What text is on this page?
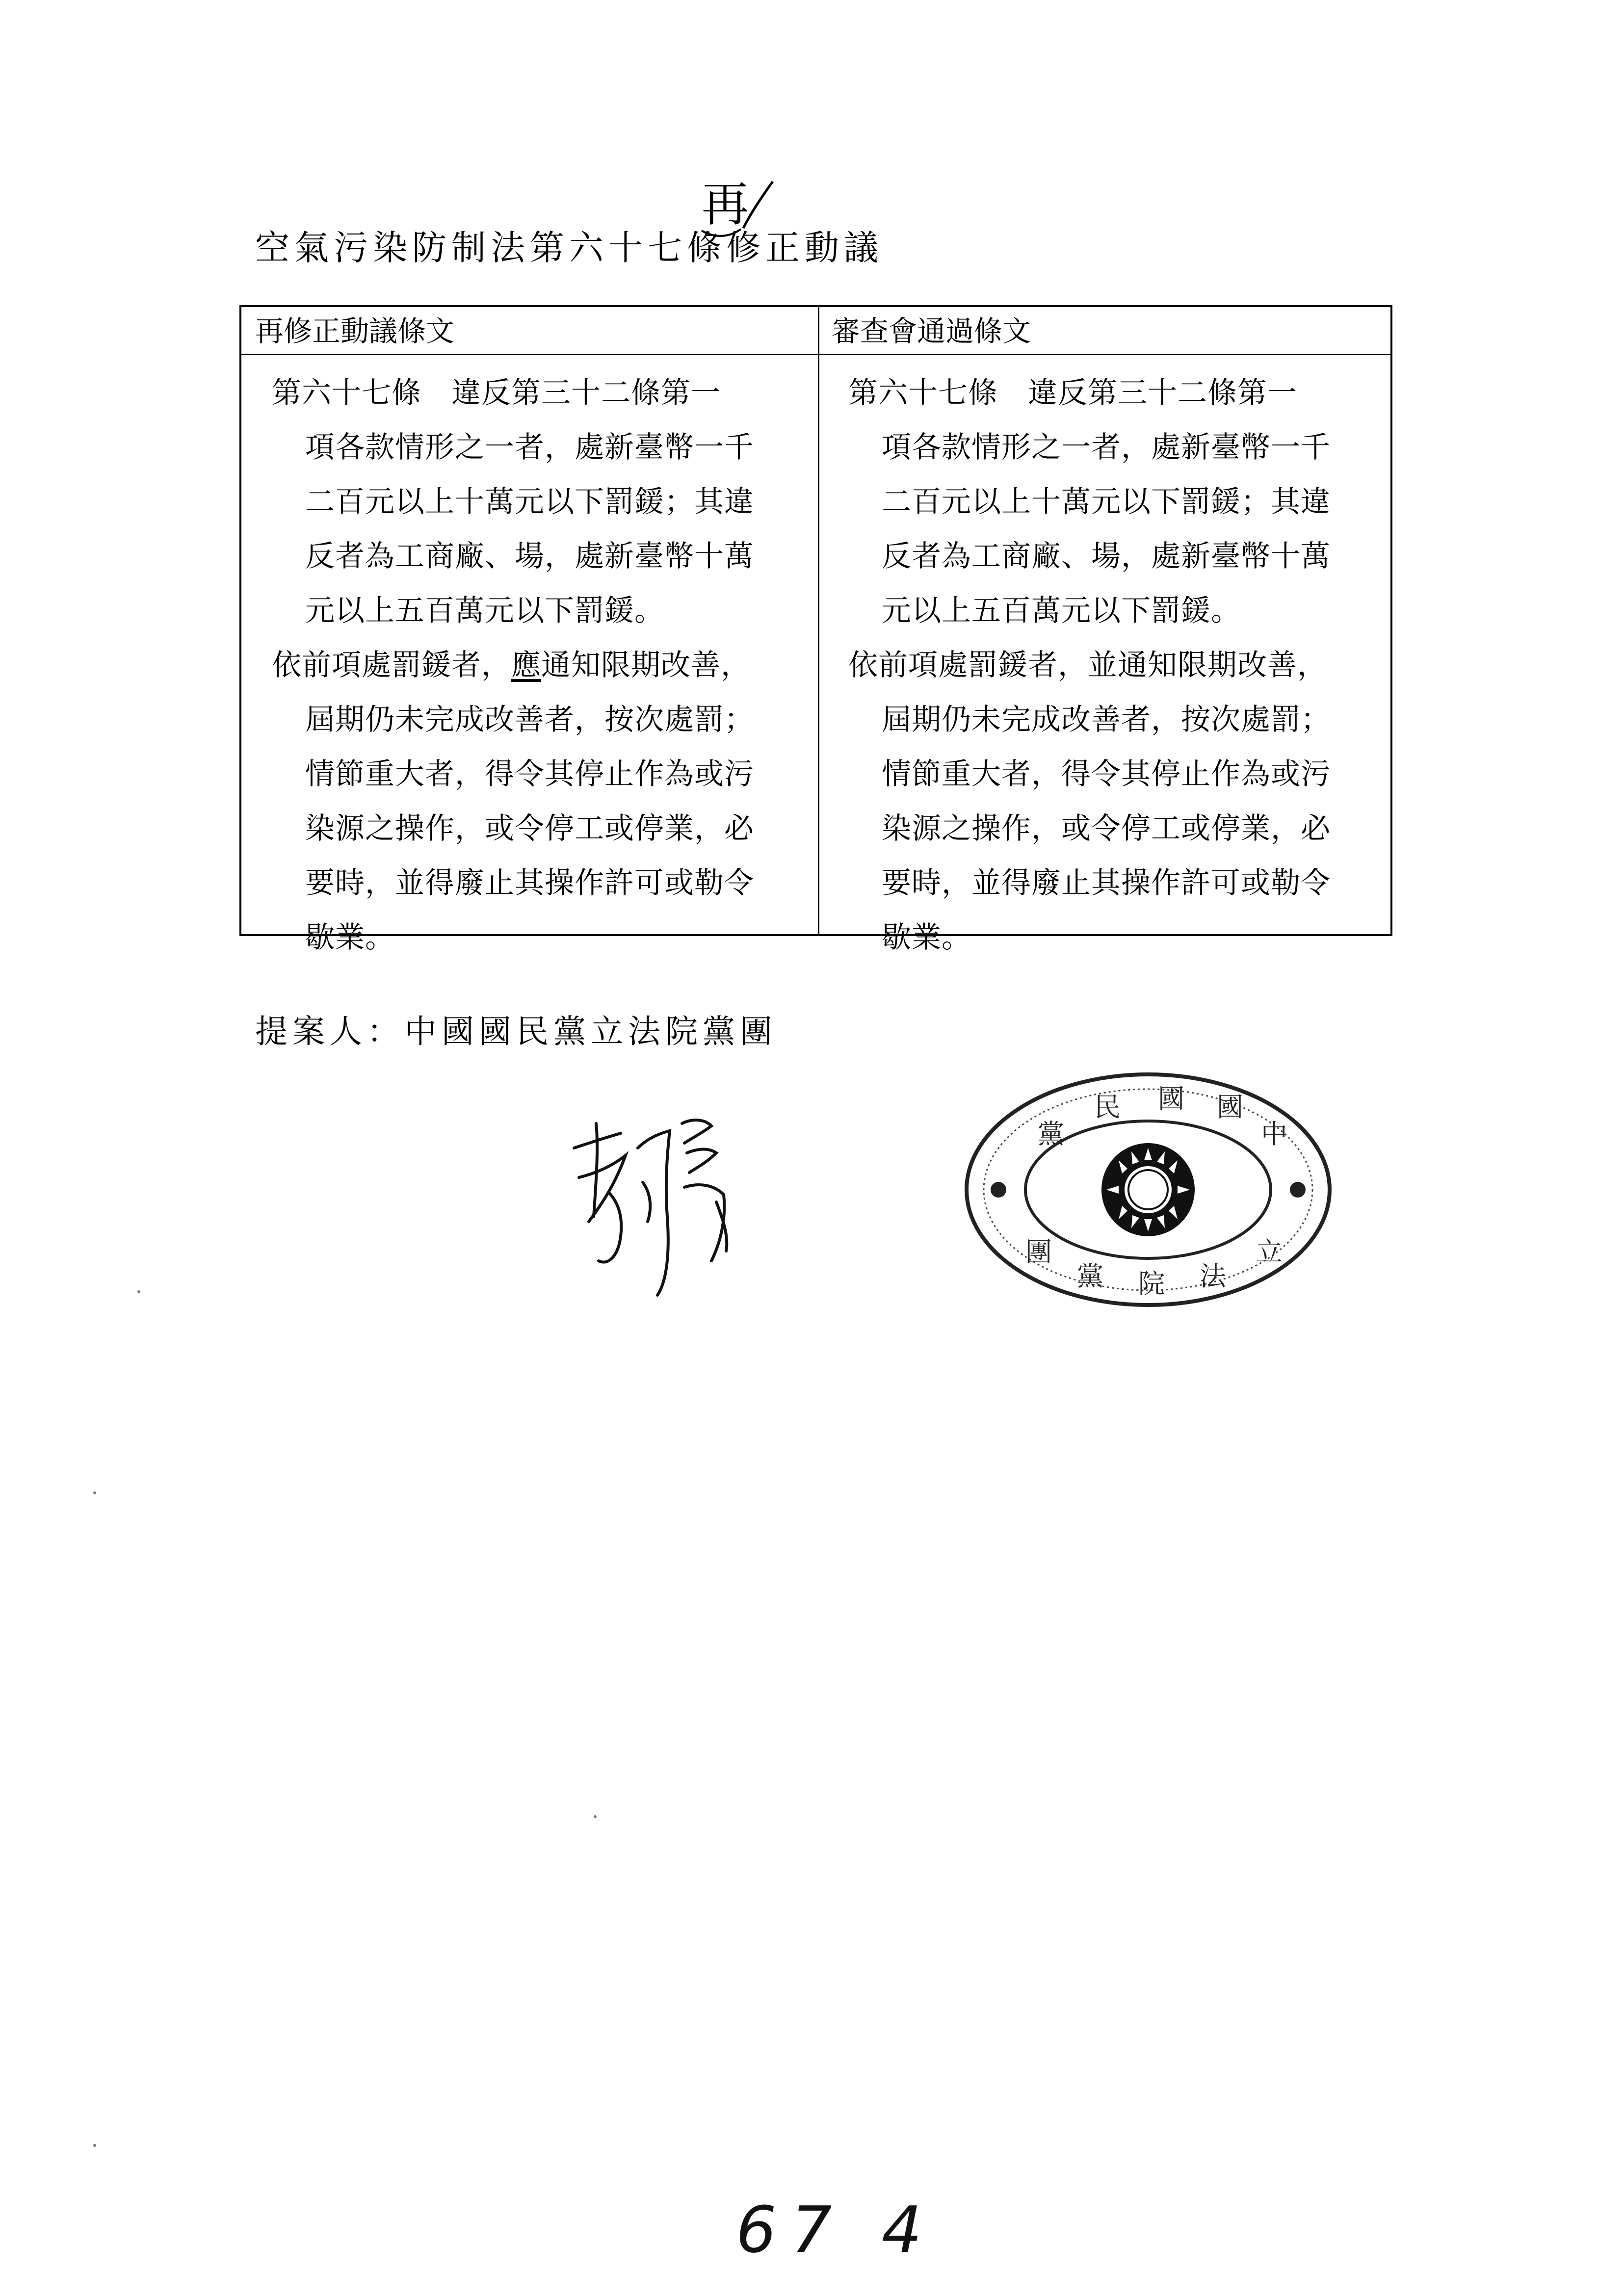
再
空氣污染防制法第六十七條修正動議
再修正動議條文	審查會通過條文
第六十七條　違反第三十二條第一
項各款情形之一者，處新臺幣一千
二百元以上十萬元以下罰鍰；其違
反者為工商廠、場，處新臺幣十萬
元以上五百萬元以下罰鍰。
依前項處罰鍰者，應通知限期改善，
屆期仍未完成改善者，按次處罰；
情節重大者，得令其停止作為或污
染源之操作，或令停工或停業，必
要時，並得廢止其操作許可或勒令
歇業。
第六十七條　違反第三十二條第一
項各款情形之一者，處新臺幣一千
二百元以上十萬元以下罰鍰；其違
反者為工商廠、場，處新臺幣十萬
元以上五百萬元以下罰鍰。
依前項處罰鍰者，並通知限期改善，
屆期仍未完成改善者，按次處罰；
情節重大者，得令其停止作為或污
染源之操作，或令停工或停業，必
要時，並得廢止其操作許可或勒令
歇業。
提案人：中國國民黨立法院黨團
黨
民 國 國
中
團
黨 院 法
立
67 4
